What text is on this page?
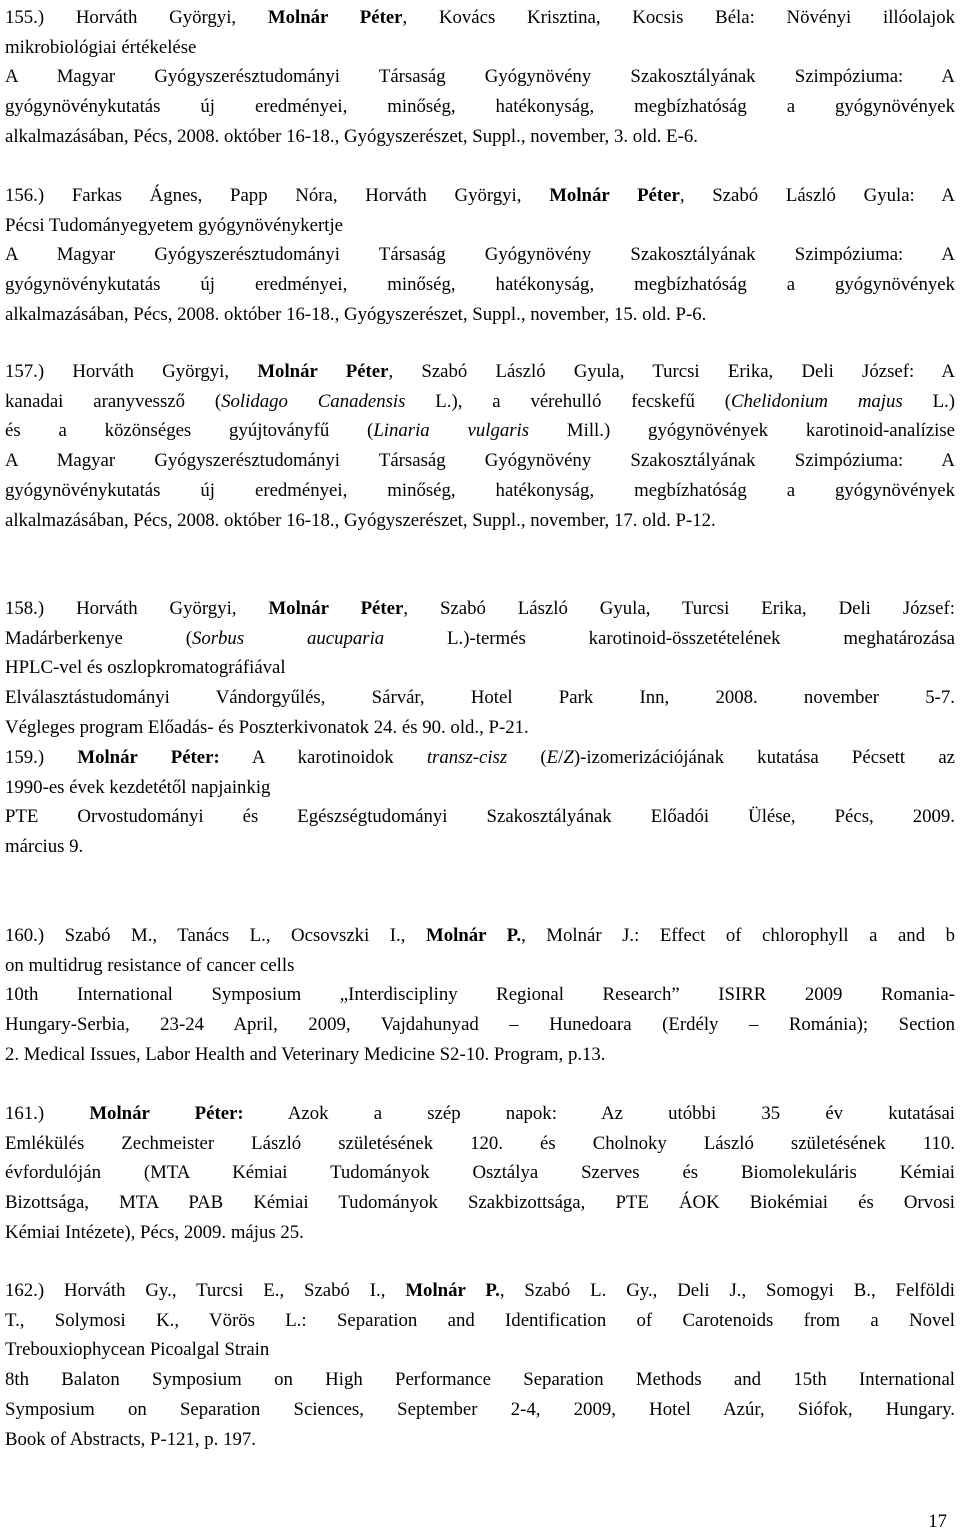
155.) Horváth Györgyi, Molnár Péter, Kovács Krisztina, Kocsis Béla: Növényi illóolajok
mikrobiológiai értékelése
A Magyar Gyógyszerésztudományi Társaság Gyógynövény Szakosztályának Szimpóziuma: A
gyógynövénykutatás új eredményei, minőség, hatékonyság, megbízhatóság a gyógynövények
alkalmazásában, Pécs, 2008. október 16-18., Gyógyszerészet, Suppl., november, 3. old. E-6.
156.) Farkas Ágnes, Papp Nóra, Horváth Györgyi, Molnár Péter, Szabó László Gyula: A
Pécsi Tudományegyetem gyógynövénykertje
A Magyar Gyógyszerésztudományi Társaság Gyógynövény Szakosztályának Szimpóziuma: A
gyógynövénykutatás új eredményei, minőség, hatékonyság, megbízhatóság a gyógynövények
alkalmazásában, Pécs, 2008. október 16-18., Gyógyszerészet, Suppl., november, 15. old. P-6.
157.) Horváth Györgyi, Molnár Péter, Szabó László Gyula, Turcsi Erika, Deli József: A
kanadai aranyvessző (Solidago Canadensis L.), a vérehulló fecskefű (Chelidonium majus L.)
és a közönséges gyújtoványfű (Linaria vulgaris Mill.) gyógynövények karotinoid-analízise
A Magyar Gyógyszerésztudományi Társaság Gyógynövény Szakosztályának Szimpóziuma: A
gyógynövénykutatás új eredményei, minőség, hatékonyság, megbízhatóság a gyógynövények
alkalmazásában, Pécs, 2008. október 16-18., Gyógyszerészet, Suppl., november, 17. old. P-12.
158.) Horváth Györgyi, Molnár Péter, Szabó László Gyula, Turcsi Erika, Deli József:
Madárberkenye (Sorbus aucuparia L.)-termés karotinoid-összetételének meghatározása
HPLC-vel és oszlopkromatográfiával
Elválasztástudományi Vándorgyűlés, Sárvár, Hotel Park Inn, 2008. november 5-7.
Végleges program Előadás- és Poszterkivonatok 24. és 90. old., P-21.
159.) Molnár Péter: A karotinoidok transz-cisz (E/Z)-izomerizációjának kutatása Pécsett az
1990-es évek kezdetétől napjainkig
PTE Orvostudományi és Egészségtudományi Szakosztályának Előadói Ülése, Pécs, 2009.
március 9.
160.) Szabó M., Tanács L., Ocsovszki I., Molnár P., Molnár J.: Effect of chlorophyll a and b
on multidrug resistance of cancer cells
10th International Symposium „Interdisciplіny Regional Research” ISIRR 2009 Romania-
Hungary-Serbia, 23-24 April, 2009, Vajdahunyad – Hunedoara (Erdély – Románia); Section
2. Medical Issues, Labor Health and Veterinary Medicine S2-10. Program, p.13.
161.) Molnár Péter: Azok a szép napok: Az utóbbi 35 év kutatásai
Emlékülés Zechmeister László születésének 120. és Cholnoky László születésének 110.
évfordulóján (MTA Kémiai Tudományok Osztálya Szerves és Biomolekuláris Kémiai
Bizottsága, MTA PAB Kémiai Tudományok Szakbizottsága, PTE ÁOK Biokémiai és Orvosi
Kémiai Intézete), Pécs, 2009. május 25.
162.) Horváth Gy., Turcsi E., Szabó I., Molnár P., Szabó L. Gy., Deli J., Somogyi B., Felföldi
T., Solymosi K., Vörös L.: Separation and Identification of Carotenoids from a Novel
Trebouxiophycean Picoalgal Strain
8th Balaton Symposium on High Performance Separation Methods and 15th International
Symposium on Separation Sciences, September 2-4, 2009, Hotel Azúr, Siófok, Hungary.
Book of Abstracts, P-121, p. 197.
17
